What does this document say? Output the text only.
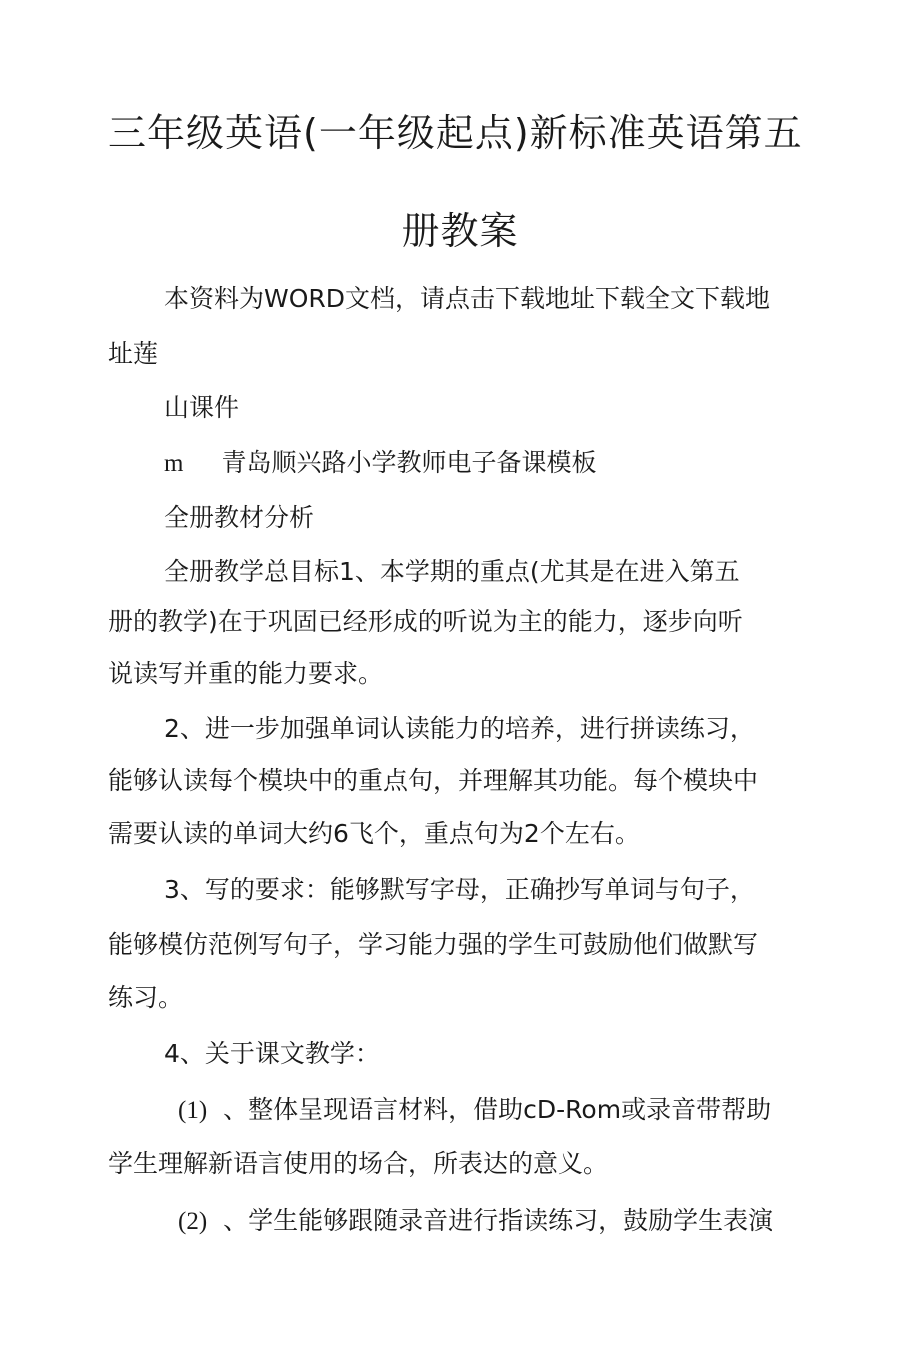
三年级英语(一年级起点)新标准英语第五
册教案

本资料为WORD文档，请点击下载地址下载全文下载地

址莲

山课件

m 青岛顺兴路小学教师电子备课模板

全册教材分析

全册教学总目标1、本学期的重点(尤其是在进入第五

册的教学)在于巩固已经形成的听说为主的能力，逐步向听

说读写并重的能力要求。

2、进一步加强单词认读能力的培养，进行拼读练习，

能够认读每个模块中的重点句，并理解其功能。每个模块中

需要认读的单词大约6飞个，重点句为2个左右。

3、写的要求：能够默写字母，正确抄写单词与句子，

能够模仿范例写句子，学习能力强的学生可鼓励他们做默写

练习。

4、关于课文教学：

(1) 、整体呈现语言材料，借助cD-Rom或录音带帮助

学生理解新语言使用的场合，所表达的意义。

(2) 、学生能够跟随录音进行指读练习，鼓励学生表演
